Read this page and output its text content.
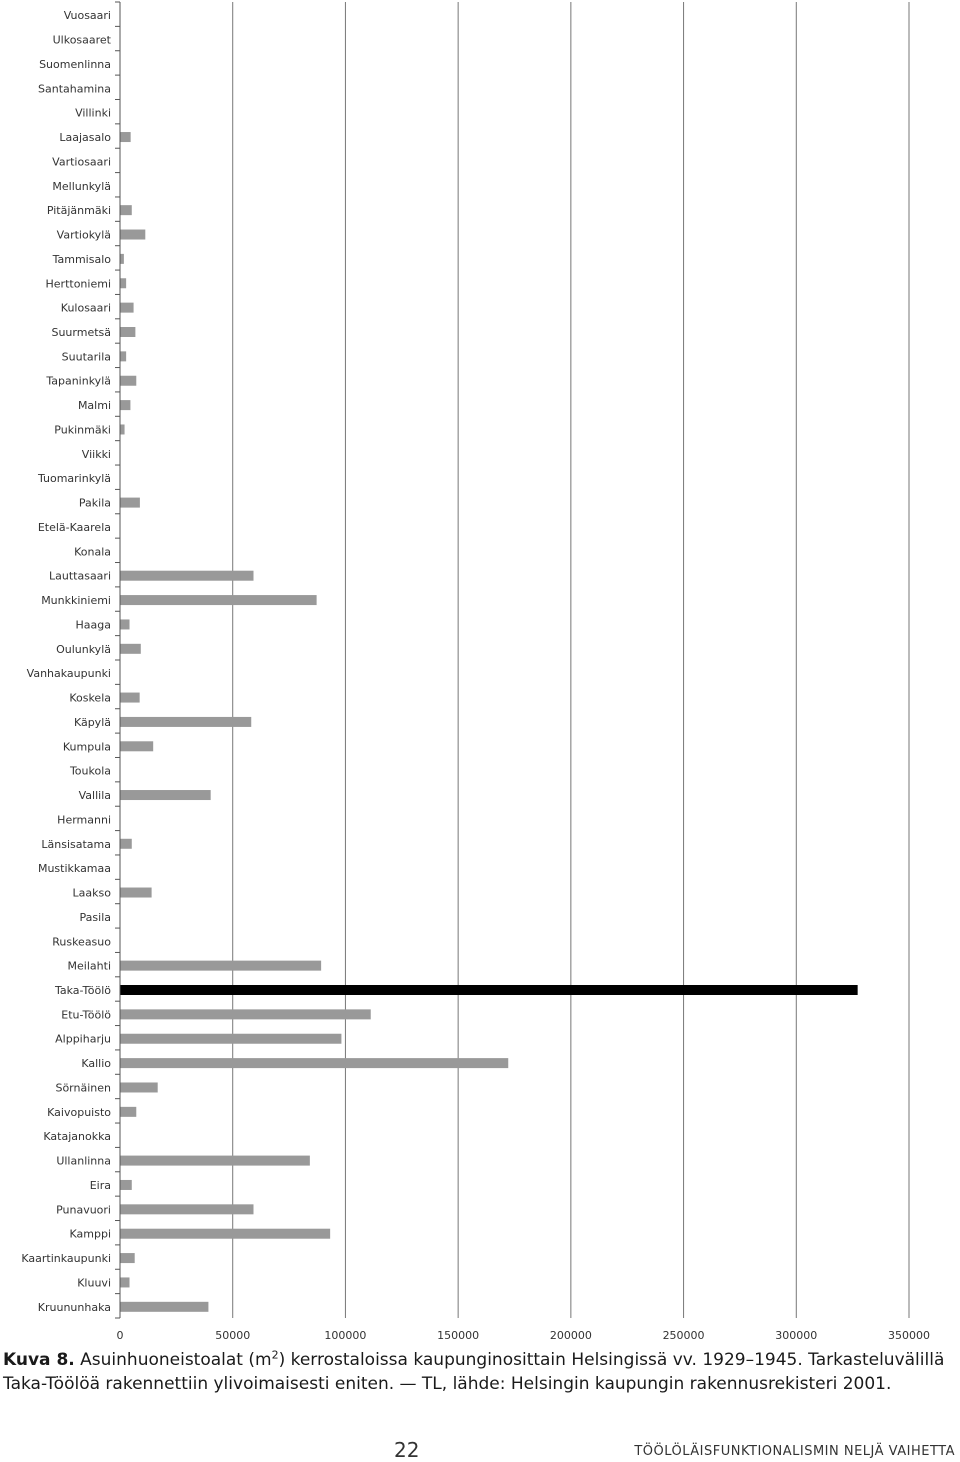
Vuosaari
Ulkosaaret
Suomenlinna
Santahamina
Villinki
Laajasalo
Vartiosaari
Mellunkylä
Pitäjänmäki
Vartiokylä
Tammisalo
Herttoniemi
Kulosaari
Suurmetsä
Suutarila
Tapaninkylä
Malmi
Pukinmäki
Viikki
Tuomarinkylä
Pakila
Etelä-Kaarela
Konala
Lauttasaari
Munkkiniemi
Haaga
Oulunkylä
Vanhakaupunki
Koskela
Käpylä
Kumpula
Toukola
Vallila
Hermanni
Länsisatama
Mustikkamaa
Laakso
Pasila
Ruskeasuo
Meilahti
Taka-Töölö
Etu-Töölö
Alppiharju
Kallio
Sörnäinen
Kaivopuisto
Katajanokka
Ullanlinna
Eira
Punavuori
Kamppi
Kaartinkaupunki
Kluuvi
Kruununhaka
0	50000	100000	150000	200000	250000	300000	350000
Kuva 8. Asuinhuoneistoalat $(m^2)$ kerrostaloissa kaupunginosittain Helsingissä vv. 1929–1945. Tarkasteluvälillä Taka-Töölöä rakennettiin ylivoimaisesti eniten. — TL, lähde: Helsingin kaupungin rakennusrekisteri 2001.
22	TÖÖLÖLÄISFUNKTIONALISMIN NELJÄ VAIHETTA
